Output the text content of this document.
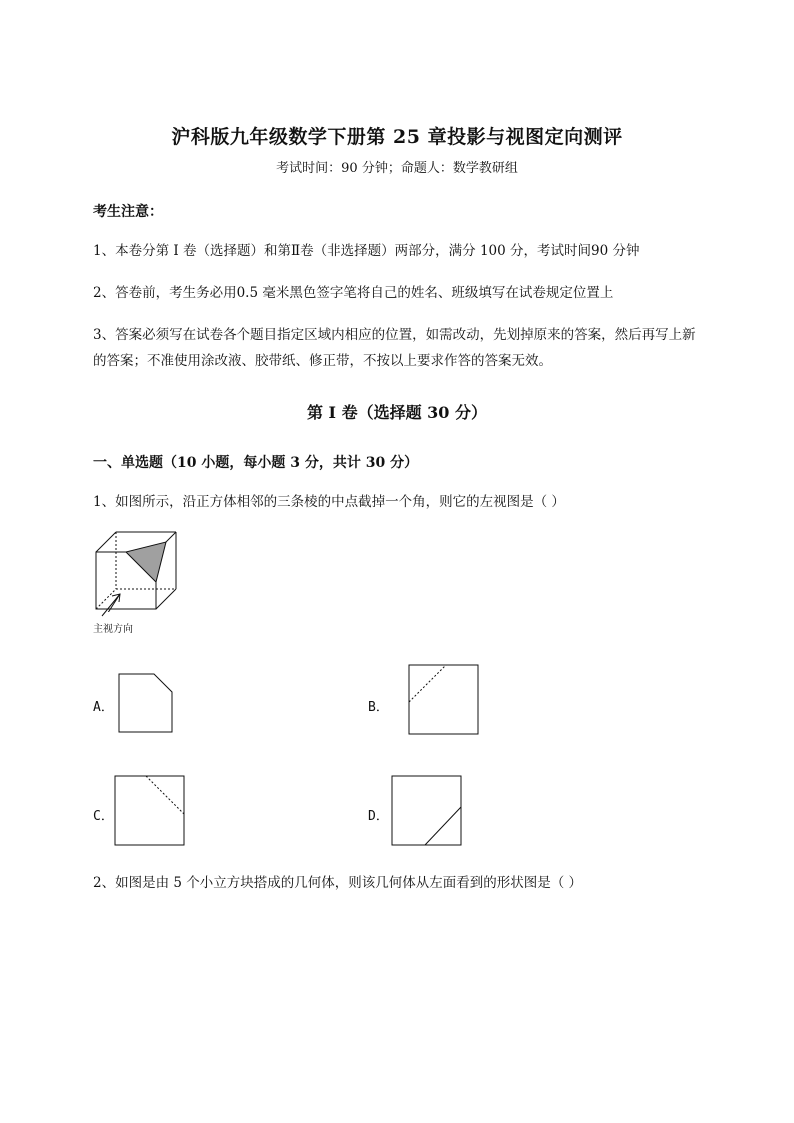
沪科版九年级数学下册第 25 章投影与视图定向测评
考试时间：90 分钟；命题人：数学教研组
考生注意：
1、本卷分第 I 卷（选择题）和第Ⅱ卷（非选择题）两部分，满分 100 分，考试时间90 分钟
2、答卷前，考生务必用0.5 毫米黑色签字笔将自己的姓名、班级填写在试卷规定位置上
3、答案必须写在试卷各个题目指定区域内相应的位置，如需改动，先划掉原来的答案，然后再写上新
的答案；不准使用涂改液、胶带纸、修正带，不按以上要求作答的答案无效。
第 I 卷（选择题 30 分）
一、单选题（10 小题，每小题 3 分，共计 30 分）
1、如图所示，沿正方体相邻的三条棱的中点截掉一个角，则它的左视图是（ ）
主视方向
A．	B．
C．	D．
2、如图是由 5 个小立方块搭成的几何体，则该几何体从左面看到的形状图是（ ）
